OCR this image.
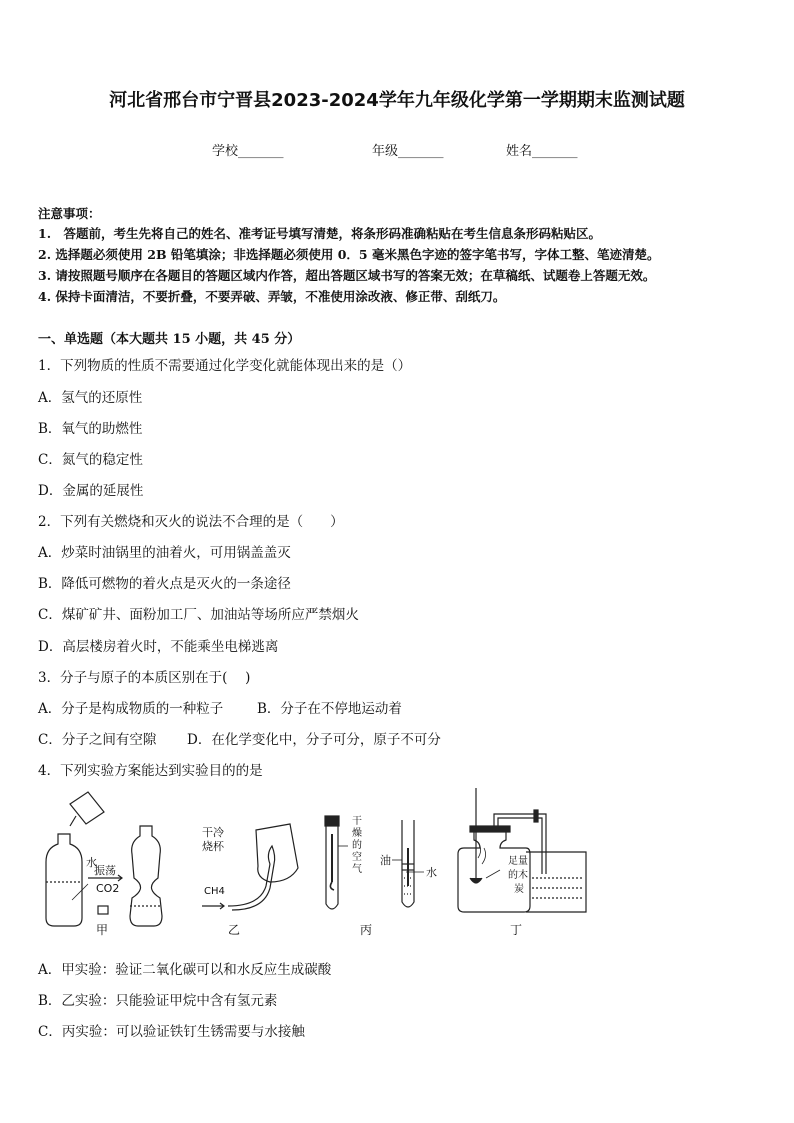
河北省邢台市宁晋县2023-2024学年九年级化学第一学期期末监测试题
学校_______	年级_______	姓名_______
注意事项：
1.　答题前，考生先将自己的姓名、准考证号填写清楚，将条形码准确粘贴在考生信息条形码粘贴区。
2. 选择题必须使用 2B 铅笔填涂；非选择题必须使用 0．5 毫米黑色字迹的签字笔书写，字体工整、笔迹清楚。
3. 请按照题号顺序在各题目的答题区域内作答，超出答题区域书写的答案无效；在草稿纸、试题卷上答题无效。
4. 保持卡面清洁，不要折叠，不要弄破、弄皱，不准使用涂改液、修正带、刮纸刀。
一、单选题（本大题共 15 小题，共 45 分）
1．下列物质的性质不需要通过化学变化就能体现出来的是（）
A．氢气的还原性
B．氧气的助燃性
C．氮气的稳定性
D．金属的延展性
2．下列有关燃烧和灭火的说法不合理的是（　　）
A．炒菜时油锅里的油着火，可用锅盖盖灭
B．降低可燃物的着火点是灭火的一条途径
C．煤矿矿井、面粉加工厂、加油站等场所应严禁烟火
D．高层楼房着火时，不能乘坐电梯逃离
3．分子与原子的本质区别在于(　 )
A．分子是构成物质的一种粒子	B．分子在不停地运动着
C．分子之间有空隙 D．在化学变化中，分子可分，原子不可分
4．下列实验方案能达到实验目的的是
水
振荡
CO2
甲
干冷
烧杯
CH4
乙
干
燥
的
空
气
油
水
丙
足量
的木
炭
丁
A．甲实验：验证二氧化碳可以和水反应生成碳酸
B．乙实验：只能验证甲烷中含有氢元素
C．丙实验：可以验证铁钉生锈需要与水接触
